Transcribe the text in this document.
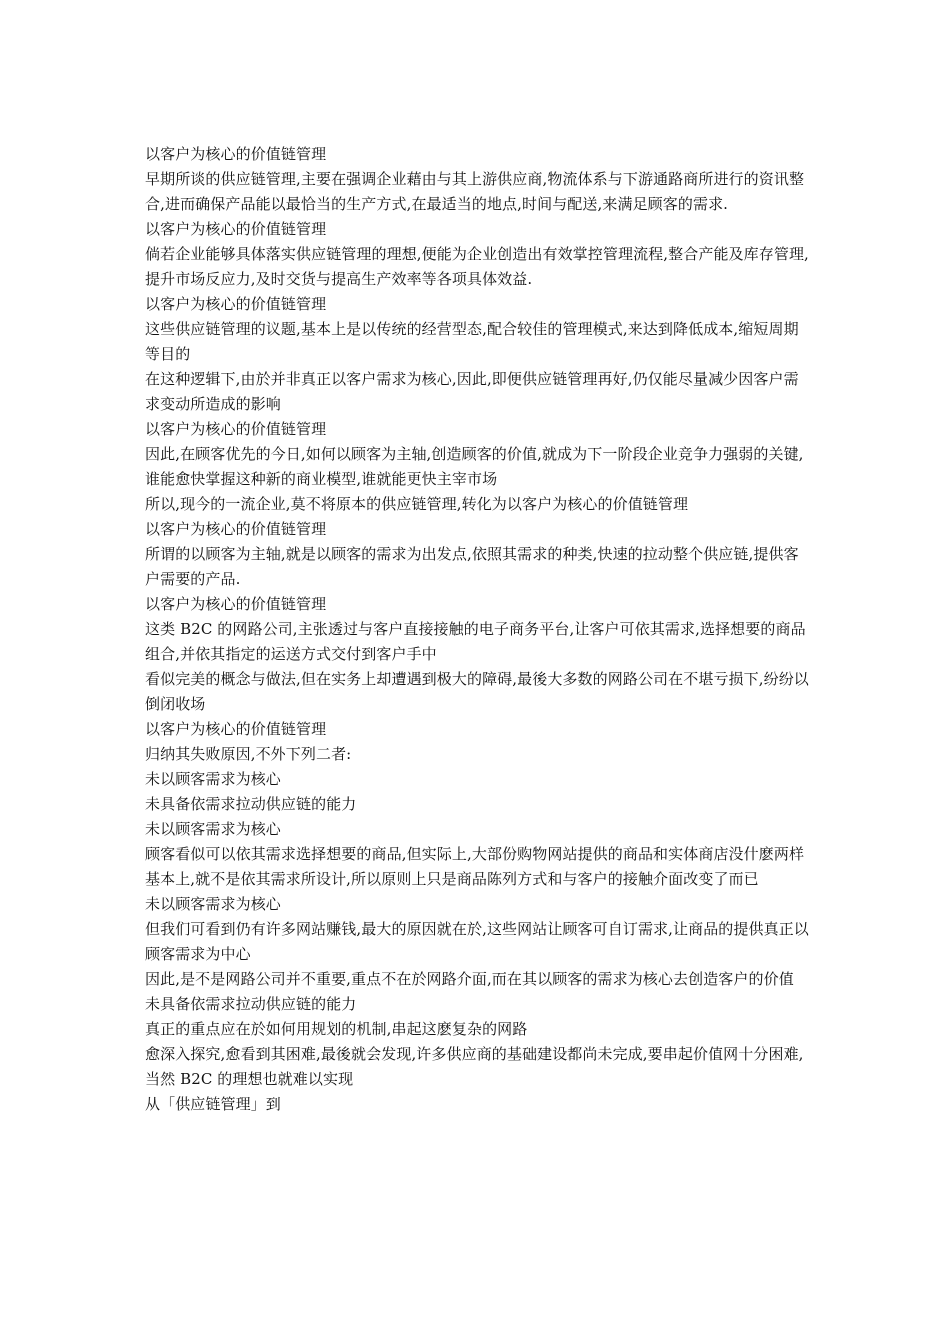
以客户为核心的价值链管理

早期所谈的供应链管理,主要在强调企业藉由与其上游供应商,物流体系与下游通路商所进行的资讯整合,进而确保产品能以最恰当的生产方式,在最适当的地点,时间与配送,来满足顾客的需求.

以客户为核心的价值链管理

倘若企业能够具体落实供应链管理的理想,便能为企业创造出有效掌控管理流程,整合产能及库存管理,提升市场反应力,及时交货与提高生产效率等各项具体效益.

以客户为核心的价值链管理

这些供应链管理的议题,基本上是以传统的经营型态,配合较佳的管理模式,来达到降低成本,缩短周期等目的

在这种逻辑下,由於并非真正以客户需求为核心,因此,即便供应链管理再好,仍仅能尽量减少因客户需求变动所造成的影响

以客户为核心的价值链管理

因此,在顾客优先的今日,如何以顾客为主轴,创造顾客的价值,就成为下一阶段企业竞争力强弱的关键,谁能愈快掌握这种新的商业模型,谁就能更快主宰市场

所以,现今的一流企业,莫不将原本的供应链管理,转化为以客户为核心的价值链管理

以客户为核心的价值链管理

所谓的以顾客为主轴,就是以顾客的需求为出发点,依照其需求的种类,快速的拉动整个供应链,提供客户需要的产品.

以客户为核心的价值链管理

这类 B2C 的网路公司,主张透过与客户直接接触的电子商务平台,让客户可依其需求,选择想要的商品组合,并依其指定的运送方式交付到客户手中

看似完美的概念与做法,但在实务上却遭遇到极大的障碍,最後大多数的网路公司在不堪亏损下,纷纷以倒闭收场

以客户为核心的价值链管理

归纳其失败原因,不外下列二者:

未以顾客需求为核心

未具备依需求拉动供应链的能力

未以顾客需求为核心

顾客看似可以依其需求选择想要的商品,但实际上,大部份购物网站提供的商品和实体商店没什麽两样

基本上,就不是依其需求所设计,所以原则上只是商品陈列方式和与客户的接触介面改变了而已

未以顾客需求为核心

但我们可看到仍有许多网站赚钱,最大的原因就在於,这些网站让顾客可自订需求,让商品的提供真正以顾客需求为中心

因此,是不是网路公司并不重要,重点不在於网路介面,而在其以顾客的需求为核心去创造客户的价值

未具备依需求拉动供应链的能力

真正的重点应在於如何用规划的机制,串起这麽复杂的网路

愈深入探究,愈看到其困难,最後就会发现,许多供应商的基础建设都尚未完成,要串起价值网十分困难,当然 B2C 的理想也就难以实现

从「供应链管理」到
